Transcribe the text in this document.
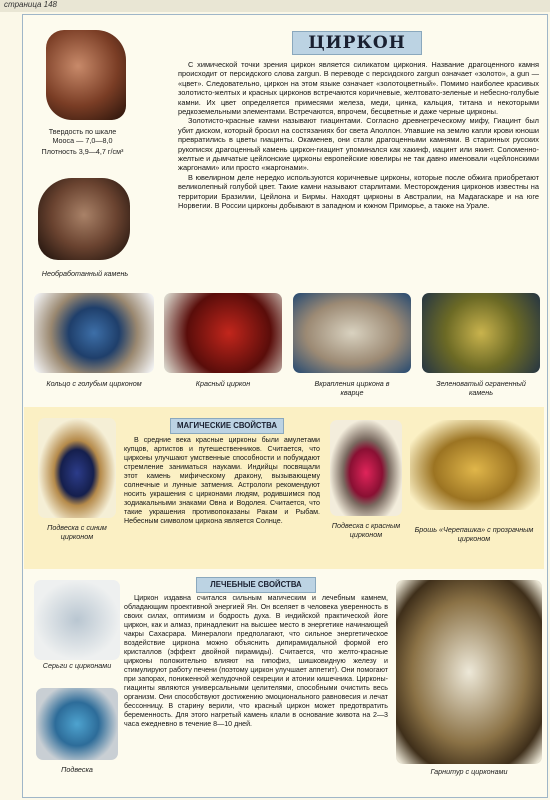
страница 148
Твердость по шкале Мооса — 7,0—8,0
Плотность 3,9—4,7 г/см³
Необработанный камень
ЦИРКОН

С химической точки зрения циркон является силикатом циркония. Название драгоценного камня происходит от персидского слова zargun. В переводе с персидского zargun означает «золото», а gun — «цвет». Следовательно, циркон на этом языке означает «золотоцветный». Помимо наиболее красивых золотисто-желтых и красных цирконов встречаются коричневые, желтовато-зеленые и небесно-голубые камни. Их цвет определяется примесями железа, меди, цинка, кальция, титана и некоторыми редкоземельными элементами. Встречаются, впрочем, бесцветные и даже черные цирконы.

Золотисто-красные камни называют гиацинтами. Согласно древнегреческому мифу, Гиацинт был убит диском, который бросил на состязаниях бог света Аполлон. Упавшие на землю капли крови юноши превратились в цветы гиацинты. Окаменев, они стали драгоценными камнями. В старинных русских рукописях драгоценный камень циркон-гиацинт упоминался как хакинф, иацинт или якинт. Соломенно-желтые и дымчатые цейлонские цирконы европейские ювелиры не так давно именовали «цейлонскими жаргонами» или просто «жаргонами».

В ювелирном деле нередко используются коричневые цирконы, которые после обжига приобретают великолепный голубой цвет. Такие камни называют старлитами. Месторождения цирконов известны на территории Бразилии, Цейлона и Бирмы. Находят цирконы в Австралии, на Мадагаскаре и на юге Норвегии. В России цирконы добывают в западном и южном Приморье, а также на Урале.

Кольцо с голубым цирконом	Красный циркон	Вкрапления циркона в кварце
Зеленоватый ограненный камень
Подвеска с синим цирконом
МАГИЧЕСКИЕ СВОЙСТВА
В средние века красные цирконы были амулетами купцов, артистов и путешественников. Считается, что цирконы улучшают умственные способности и побуждают стремление заниматься науками. Индийцы посвящали этот камень мифическому дракону, вызывающему солнечные и лунные затмения. Астрологи рекомендуют носить украшения с цирконами людям, родившимся под зодиакальными знаками Овна и Водолея. Считается, что такие украшения противопоказаны Ракам и Рыбам. Небесным символом циркона является Солнце.	Подвеска с красным цирконом	Брошь «Черепашка» с прозрачным цирконом
Серьги с цирконами
Подвеска
ЛЕЧЕБНЫЕ СВОЙСТВА
Циркон издавна считался сильным магическим и лечебным камнем, обладающим проективной энергией Ян. Он вселяет в человека уверенность в своих силах, оптимизм и бодрость духа. В индийской практической йоге циркон, как и алмаз, принадлежит на высшее место в энергетике начинающей чакры Сахасрара. Минералоги предполагают, что сильное энергетическое воздействие циркона можно объяснить дипирамидальной формой его кристаллов (эффект двойной пирамиды). Считается, что желто-красные цирконы положительно влияют на гипофиз, шишковидную железу и стимулируют работу печени (поэтому циркон улучшает аппетит). Они помогают при запорах, пониженной желудочной секреции и атонии кишечника. Цирконы-гиацинты являются универсальными целителями, способными очистить весь организм. Они способствуют достижению эмоционального равновесия и лечат бессонницу. В старину верили, что красный циркон может предотвратить беременность. Для этого нагретый камень клали в основание живота на 2—3 часа ежедневно в течение 8—10 дней.
Гарнитур с цирконами
